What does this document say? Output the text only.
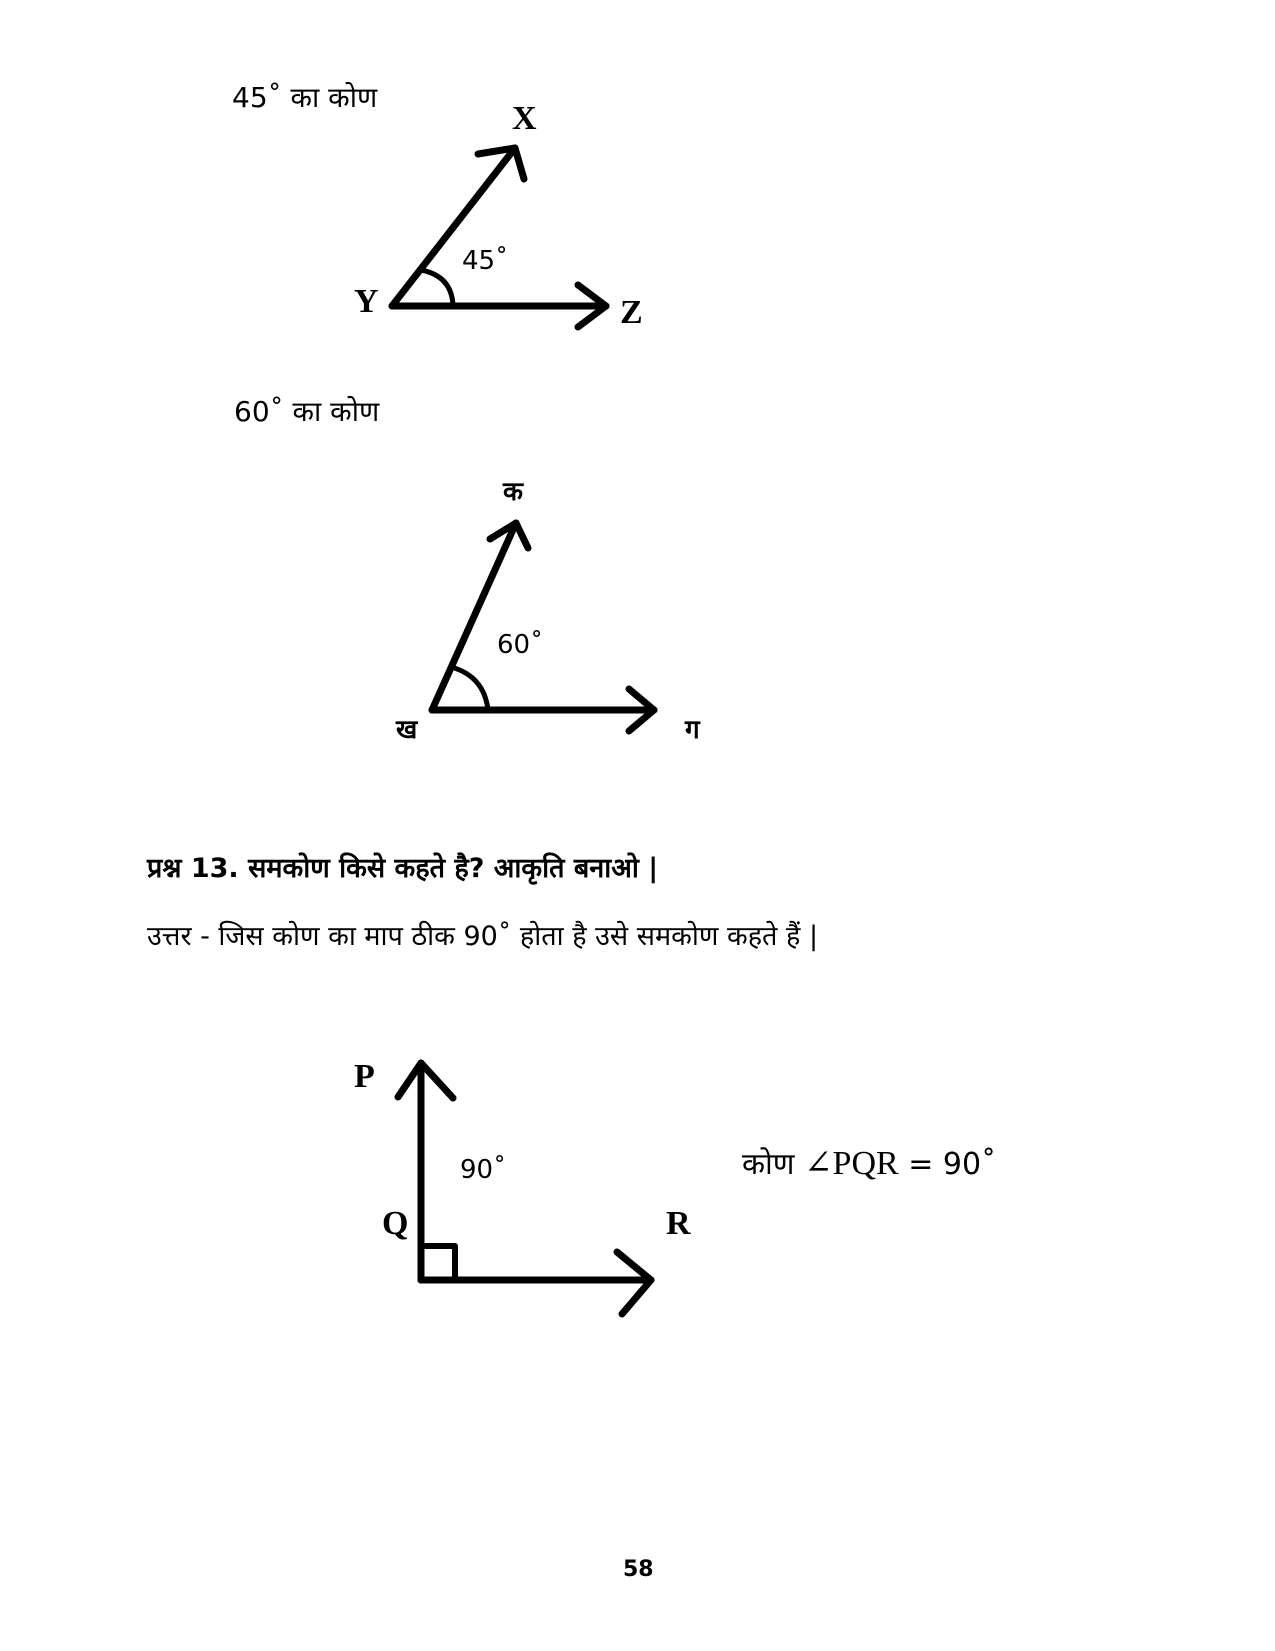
45˚ का कोण
X
Y	Z
45˚
60˚ का कोण
क
ख	ग
60˚
प्रश्न 13. समकोण किसे कहते है? आकृति बनाओ |
उत्तर - जिस कोण का माप ठीक 90˚ होता है उसे समकोण कहते हैं |
P
Q	R
90˚	कोण ∠PQR = 90˚
58
